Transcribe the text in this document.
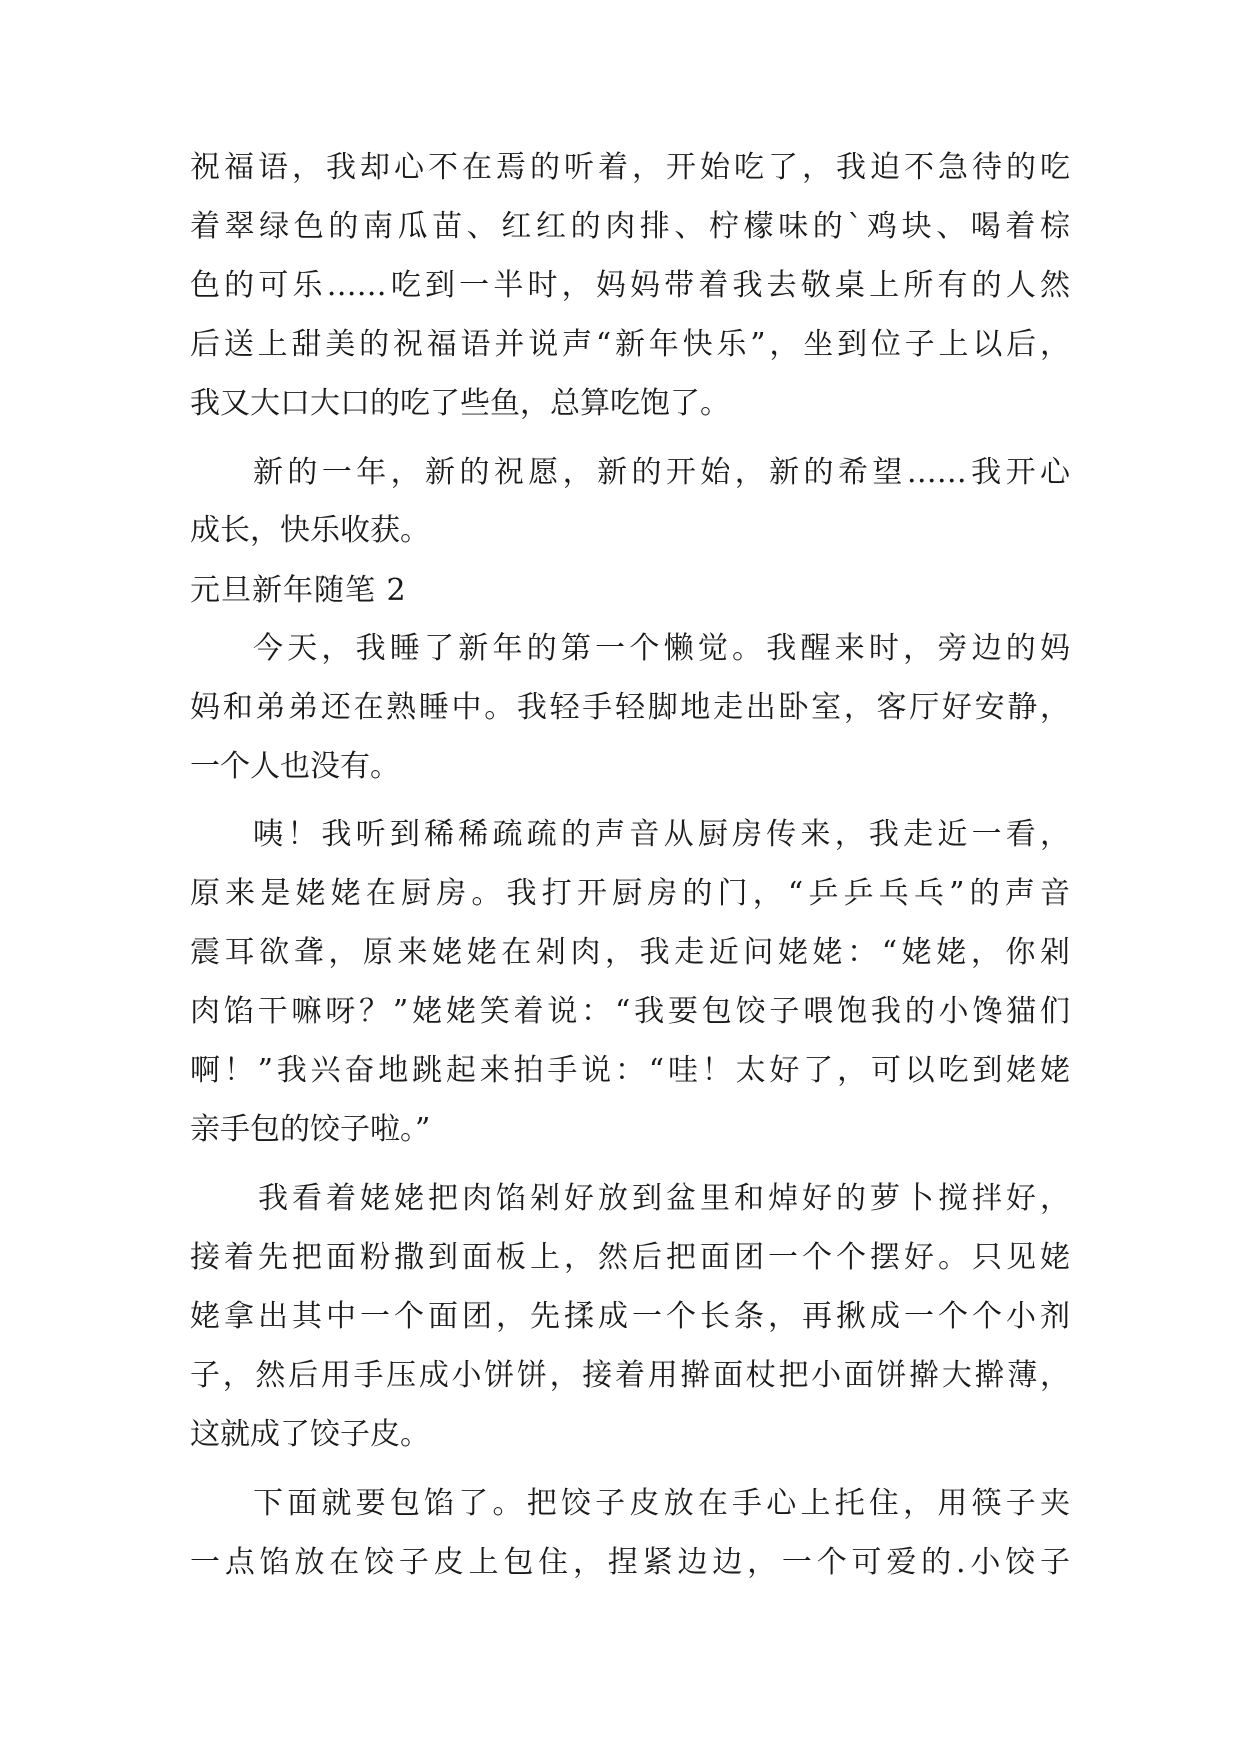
祝福语，我却心不在焉的听着，开始吃了，我迫不急待的吃
着翠绿色的南瓜苗、红红的肉排、柠檬味的`鸡块、喝着棕
色的可乐……吃到一半时，妈妈带着我去敬桌上所有的人然
后送上甜美的祝福语并说声“新年快乐”，坐到位子上以后，
我又大口大口的吃了些鱼，总算吃饱了。
新的一年，新的祝愿，新的开始，新的希望……我开心
成长，快乐收获。
元旦新年随笔 2
今天，我睡了新年的第一个懒觉。我醒来时，旁边的妈
妈和弟弟还在熟睡中。我轻手轻脚地走出卧室，客厅好安静，
一个人也没有。
咦！我听到稀稀疏疏的声音从厨房传来，我走近一看，
原来是姥姥在厨房。我打开厨房的门，“乒乒乓乓”的声音
震耳欲聋，原来姥姥在剁肉，我走近问姥姥：“姥姥，你剁
肉馅干嘛呀？”姥姥笑着说：“我要包饺子喂饱我的小馋猫们
啊！”我兴奋地跳起来拍手说：“哇！太好了，可以吃到姥姥
亲手包的饺子啦。”
我看着姥姥把肉馅剁好放到盆里和焯好的萝卜搅拌好，
接着先把面粉撒到面板上，然后把面团一个个摆好。只见姥
姥拿出其中一个面团，先揉成一个长条，再揪成一个个小剂
子，然后用手压成小饼饼，接着用擀面杖把小面饼擀大擀薄，
这就成了饺子皮。
下面就要包馅了。把饺子皮放在手心上托住，用筷子夹
一点馅放在饺子皮上包住，捏紧边边，一个可爱的.小饺子
